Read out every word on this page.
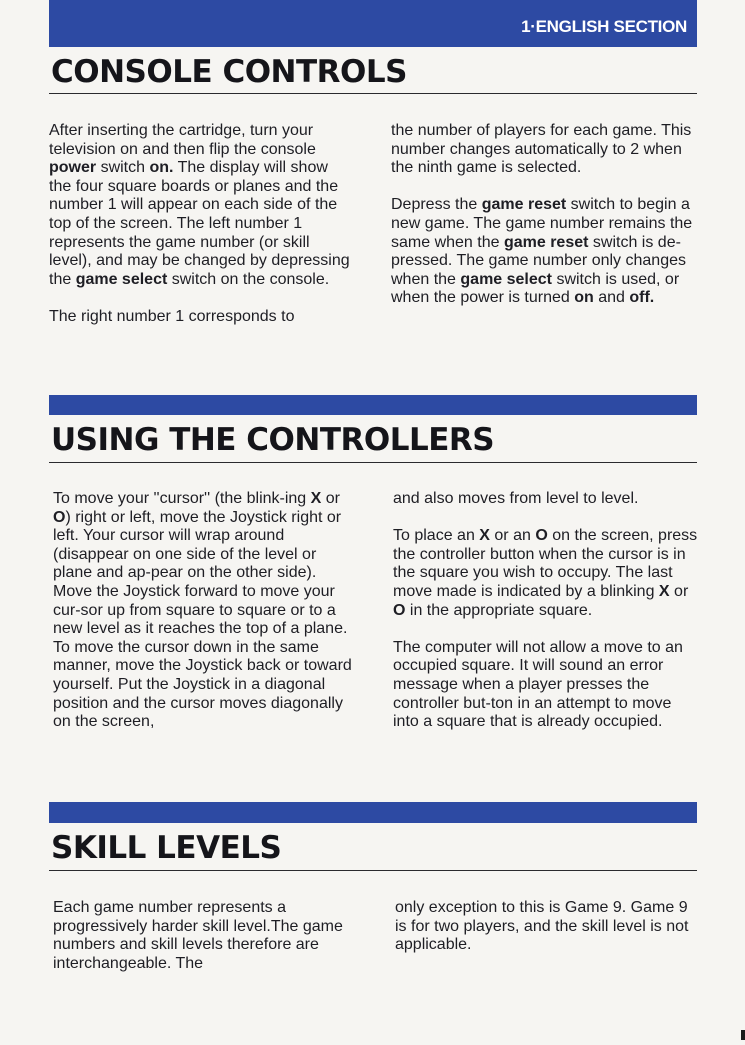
1·ENGLISH SECTION
CONSOLE CONTROLS

After inserting the cartridge, turn your television on and then flip the console power switch on. The display will show the four square boards or planes and the number 1 will appear on each side of the top of the screen. The left number 1 represents the game number (or skill level), and may be changed by depressing the game select switch on the console.

The right number 1 corresponds to

the number of players for each game. This number changes automatically to 2 when the ninth game is selected.

Depress the game reset switch to begin a new game. The game number remains the same when the game reset switch is de-pressed. The game number only changes when the game select switch is used, or when the power is turned on and off.

USING THE CONTROLLERS

To move your ''cursor'' (the blink-ing X or O) right or left, move the Joystick right or left. Your cursor will wrap around (disappear on one side of the level or plane and ap-pear on the other side). Move the Joystick forward to move your cur-sor up from square to square or to a new level as it reaches the top of a plane. To move the cursor down in the same manner, move the Joystick back or toward yourself. Put the Joystick in a diagonal position and the cursor moves diagonally on the screen,

and also moves from level to level.

To place an X or an O on the screen, press the controller button when the cursor is in the square you wish to occupy. The last move made is indicated by a blinking X or O in the appropriate square.

The computer will not allow a move to an occupied square. It will sound an error message when a player presses the controller but-ton in an attempt to move into a square that is already occupied.

SKILL LEVELS

Each game number represents a progressively harder skill level.The game numbers and skill levels therefore are interchangeable. The

only exception to this is Game 9. Game 9 is for two players, and the skill level is not applicable.
